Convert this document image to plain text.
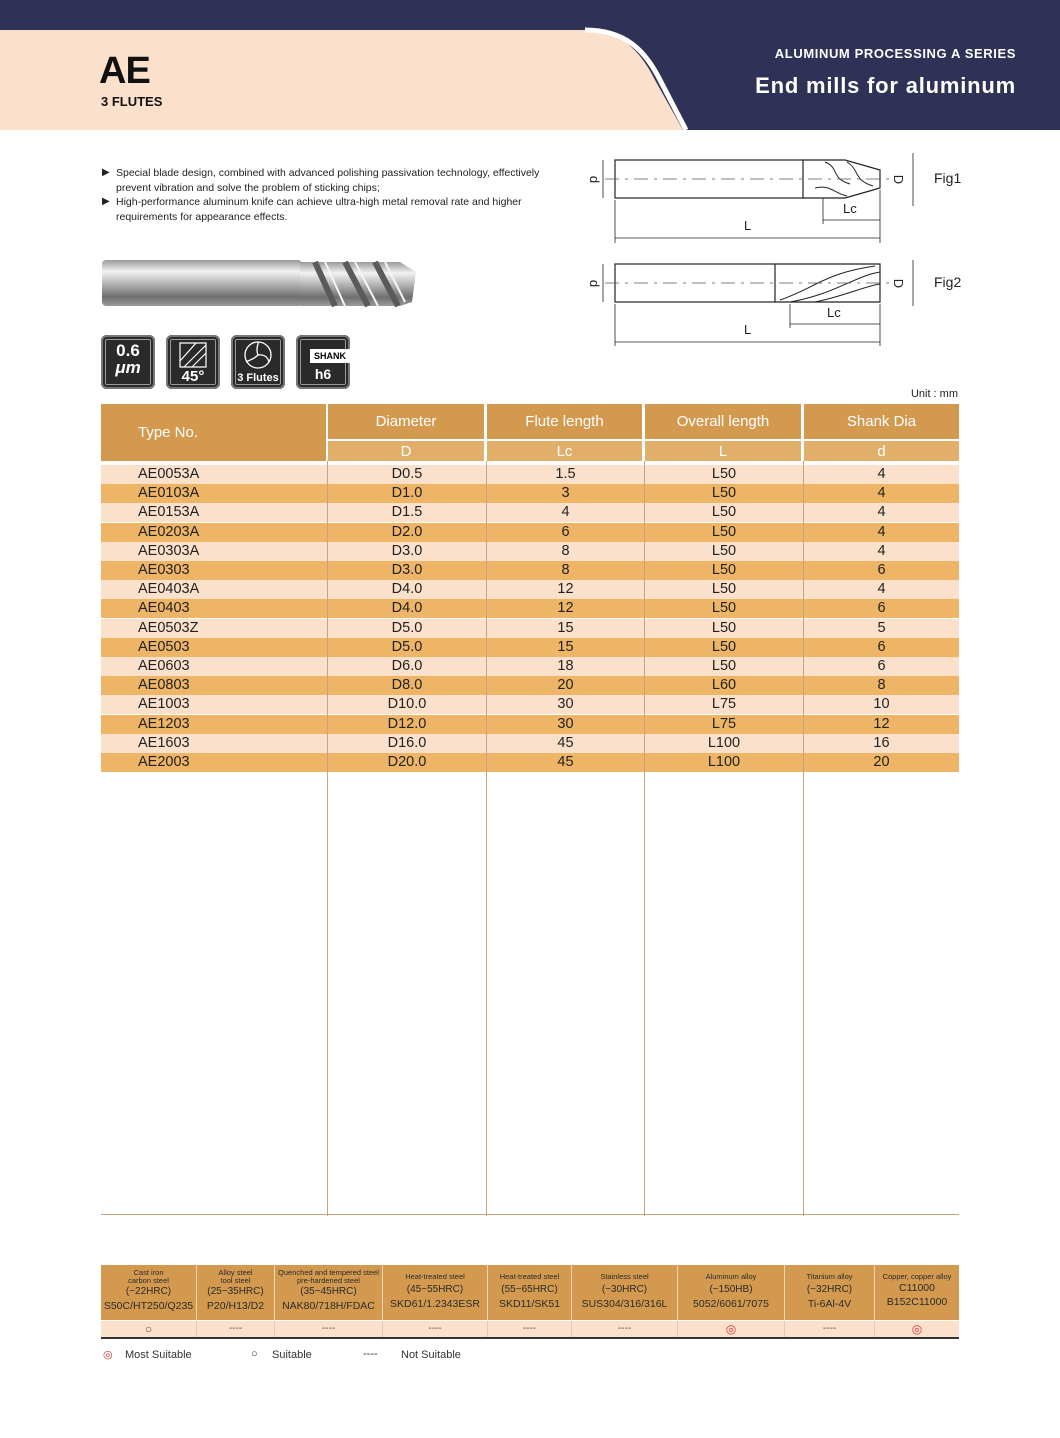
AE
3 FLUTES
ALUMINUM PROCESSING A SERIES
End mills for aluminum
▶ Special blade design, combined with advanced polishing passivation technology, effectively prevent vibration and solve the problem of sticking chips;
▶ High-performance aluminum knife can achieve ultra-high metal removal rate and higher requirements for appearance effects.
Fig1
Fig2
d	D
Lc
L
d	D
Lc
L
0.6
μm	45°	3 Flutes
SHANK
h6
Unit : mm
Type No.
Diameter	Flute length	Overall length	Shank Dia
D	Lc	L	d
AE0053A	D0.5	1.5	L50	4
AE0103A	D1.0	3	L50	4
AE0153A	D1.5	4	L50	4
AE0203A	D2.0	6	L50	4
AE0303A	D3.0	8	L50	4
AE0303	D3.0	8	L50	6
AE0403A	D4.0	12	L50	4
AE0403	D4.0	12	L50	6
AE0503Z	D5.0	15	L50	5
AE0503	D5.0	15	L50	6
AE0603	D6.0	18	L50	6
AE0803	D8.0	20	L60	8
AE1003	D10.0	30	L75	10
AE1203	D12.0	30	L75	12
AE1603	D16.0	45	L100	16
AE2003	D20.0	45	L100	20
Cast iron
carbon steel
(~22HRC)
S50C/HT250/Q235
Alloy steel
tool steel
(25~35HRC)
P20/H13/D2
Quenched and tempered steel
pre-hardened steel
(35~45HRC)
NAK80/718H/FDAC
Heat-treated steel
(45~55HRC)
SKD61/1.2343ESR
Heat-treated steel
(55~65HRC)
SKD11/SK51
Stainless steel
(~30HRC)
SUS304/316/316L
Aluminum alloy
(~150HB)
5052/6061/7075
Titanium alloy
(~32HRC)
Ti-6Al-4V
Copper, copper alloy
C11000
B152C11000
○	----	----	----	----	----	◎	----	◎
◎ Most Suitable	○ Suitable	---- Not Suitable
